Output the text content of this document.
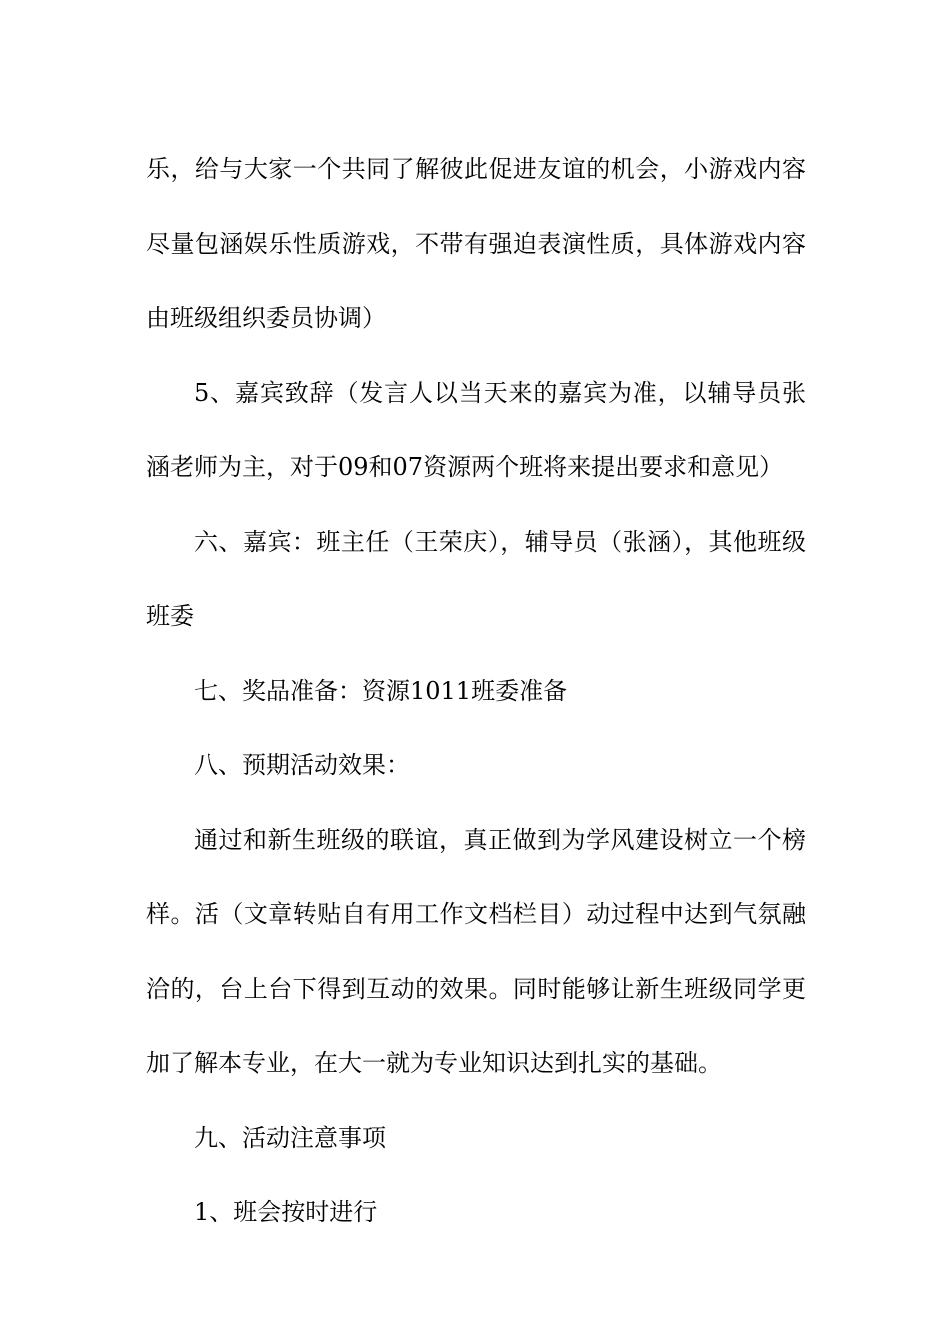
乐，给与大家一个共同了解彼此促进友谊的机会，小游戏内容尽量包涵娱乐性质游戏，不带有强迫表演性质，具体游戏内容由班级组织委员协调）

5、嘉宾致辞（发言人以当天来的嘉宾为准，以辅导员张涵老师为主，对于09和07资源两个班将来提出要求和意见）

六、嘉宾：班主任（王荣庆），辅导员（张涵），其他班级班委

七、奖品准备：资源1011班委准备

八、预期活动效果：

通过和新生班级的联谊，真正做到为学风建设树立一个榜样。活（文章转贴自有用工作文档栏目）动过程中达到气氛融洽的，台上台下得到互动的效果。同时能够让新生班级同学更加了解本专业，在大一就为专业知识达到扎实的基础。

九、活动注意事项

1、班会按时进行
